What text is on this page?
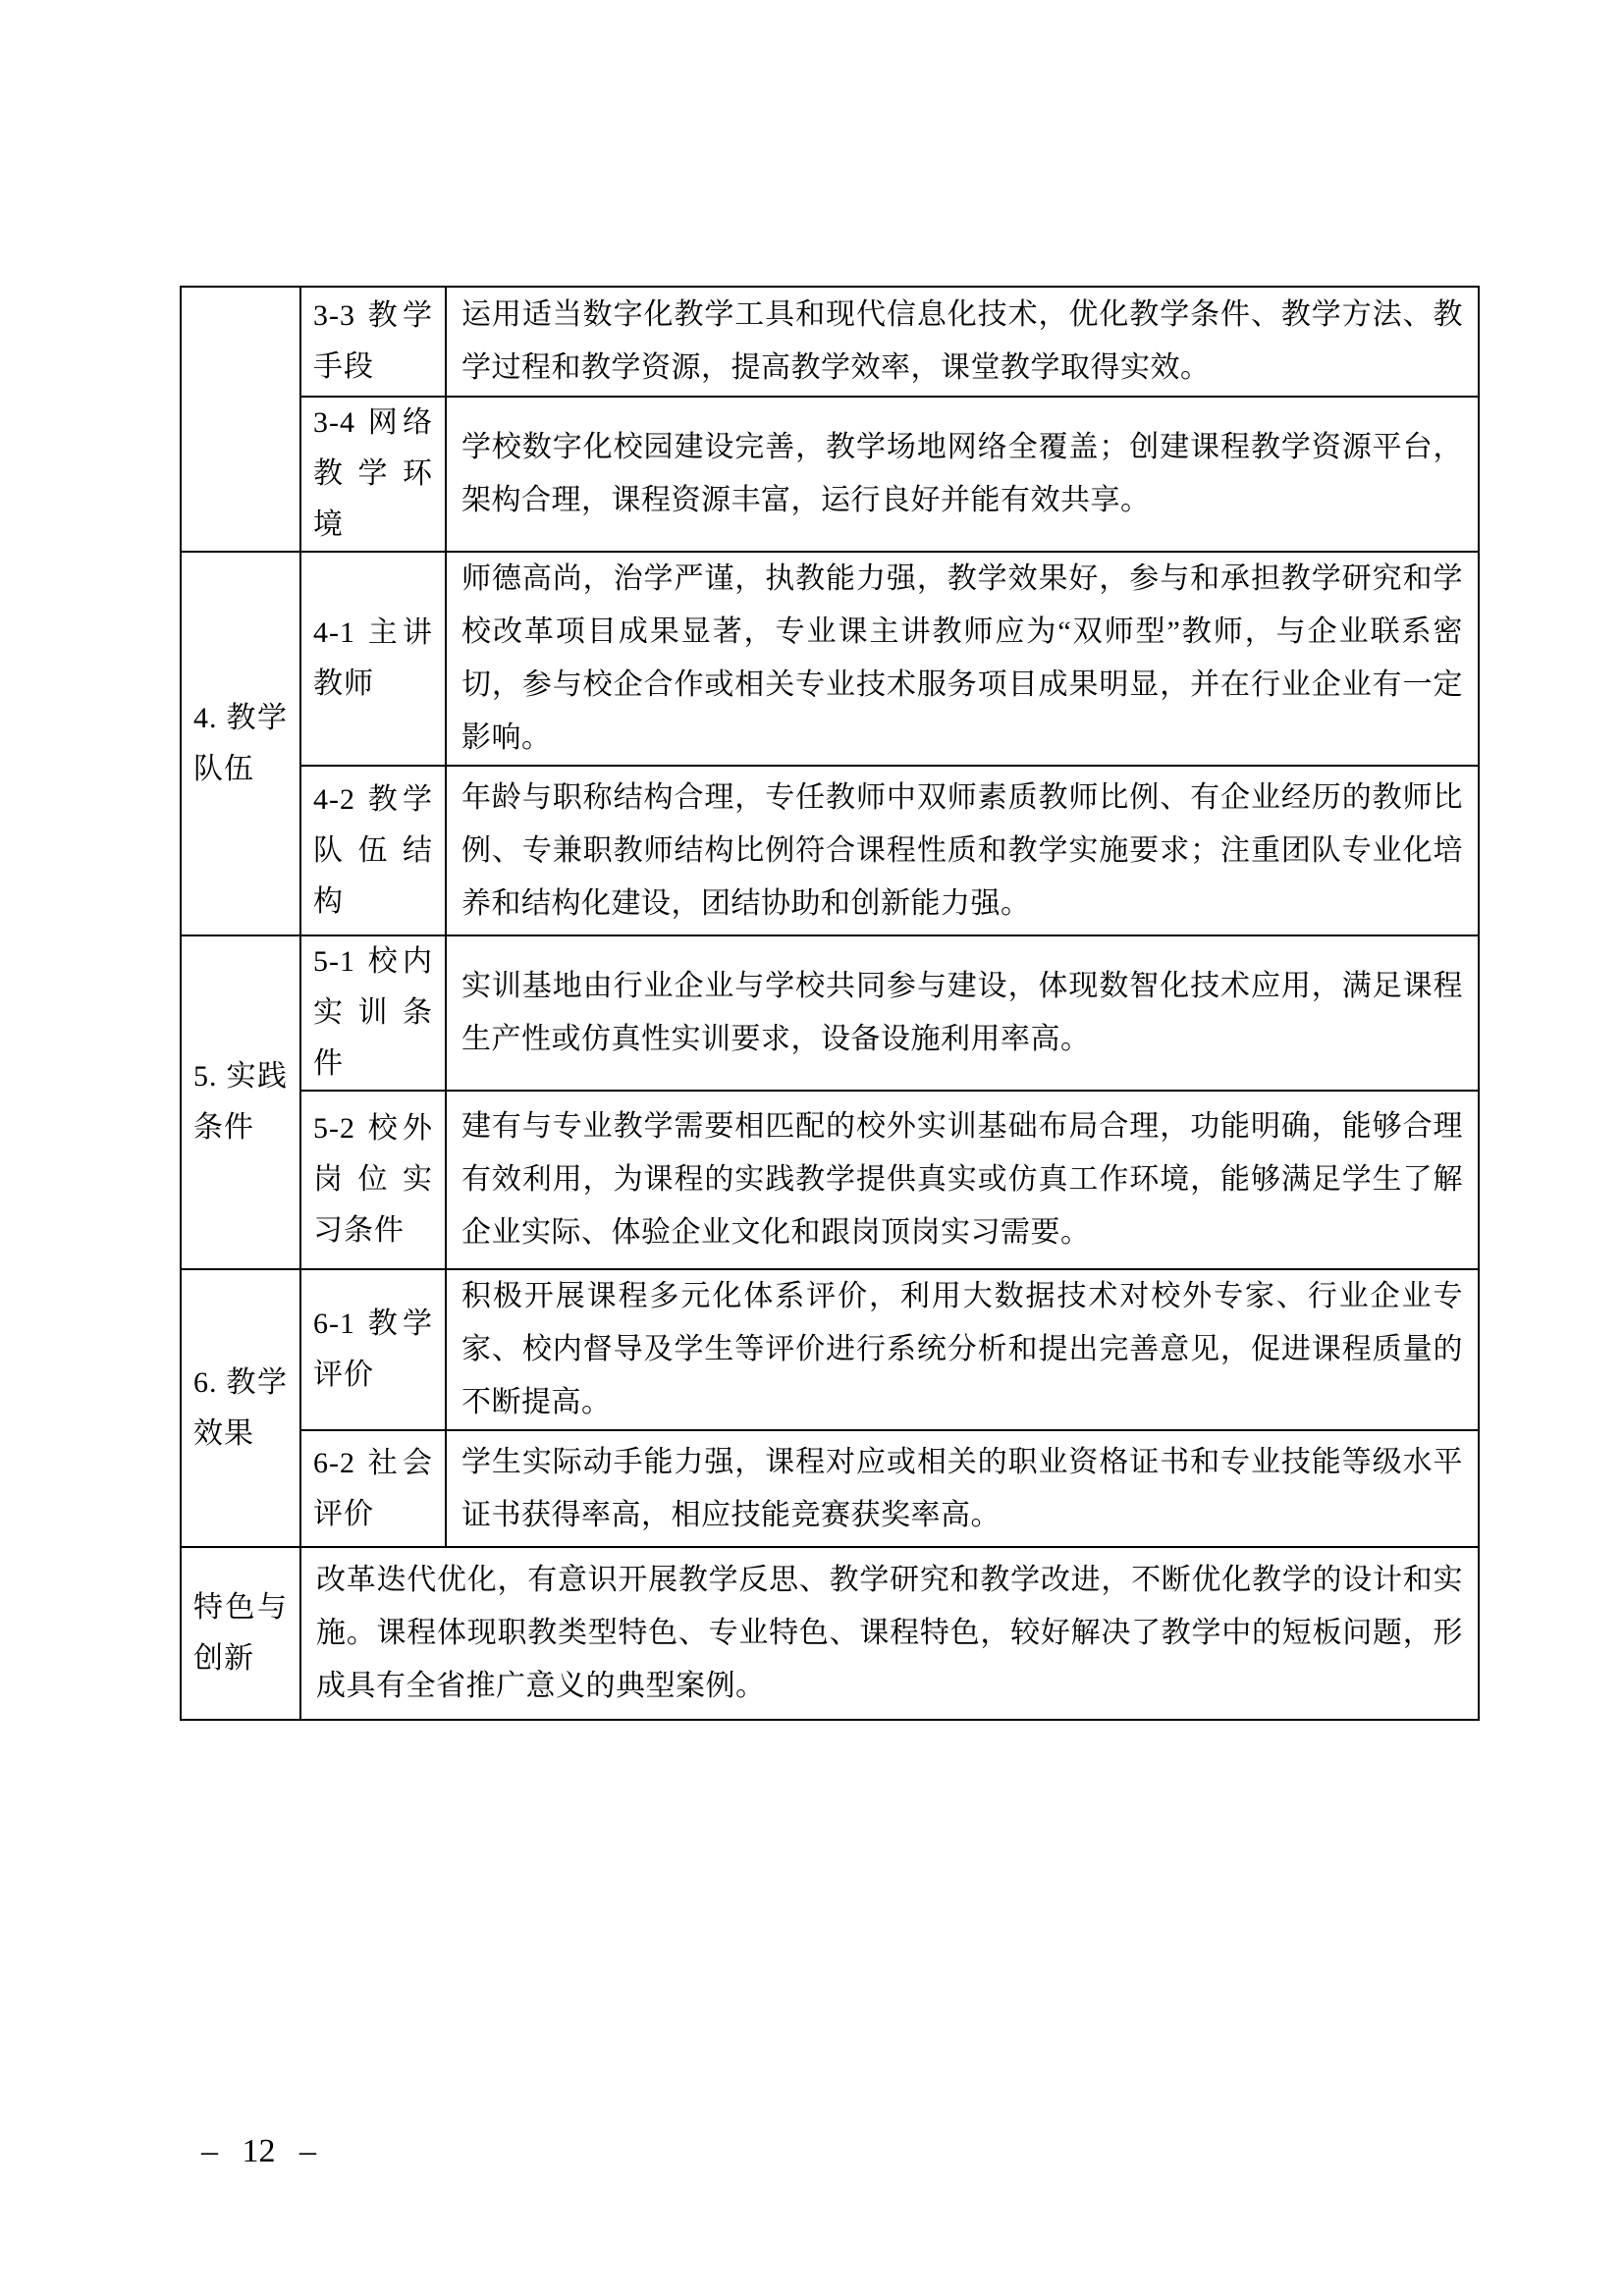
	3-3 教学手段	运用适当数字化教学工具和现代信息化技术，优化教学条件、教学方法、教学过程和教学资源，提高教学效率，课堂教学取得实效。
	3-4 网络教学环境	学校数字化校园建设完善，教学场地网络全覆盖；创建课程教学资源平台，架构合理，课程资源丰富，运行良好并能有效共享。
4. 教学队伍	4-1 主讲教师	师德高尚，治学严谨，执教能力强，教学效果好，参与和承担教学研究和学校改革项目成果显著，专业课主讲教师应为“双师型”教师，与企业联系密切，参与校企合作或相关专业技术服务项目成果明显，并在行业企业有一定影响。
	4-2 教学队伍结构	年龄与职称结构合理，专任教师中双师素质教师比例、有企业经历的教师比例、专兼职教师结构比例符合课程性质和教学实施要求；注重团队专业化培养和结构化建设，团结协助和创新能力强。
5. 实践条件	5-1 校内实训条件	实训基地由行业企业与学校共同参与建设，体现数智化技术应用，满足课程生产性或仿真性实训要求，设备设施利用率高。
	5-2 校外岗位实习条件	建有与专业教学需要相匹配的校外实训基础布局合理，功能明确，能够合理有效利用，为课程的实践教学提供真实或仿真工作环境，能够满足学生了解企业实际、体验企业文化和跟岗顶岗实习需要。
6. 教学效果	6-1 教学评价	积极开展课程多元化体系评价，利用大数据技术对校外专家、行业企业专家、校内督导及学生等评价进行系统分析和提出完善意见，促进课程质量的不断提高。
	6-2 社会评价	学生实际动手能力强，课程对应或相关的职业资格证书和专业技能等级水平证书获得率高，相应技能竞赛获奖率高。
特色与创新	改革迭代优化，有意识开展教学反思、教学研究和教学改进，不断优化教学的设计和实施。课程体现职教类型特色、专业特色、课程特色，较好解决了教学中的短板问题，形成具有全省推广意义的典型案例。	
– 12 –
